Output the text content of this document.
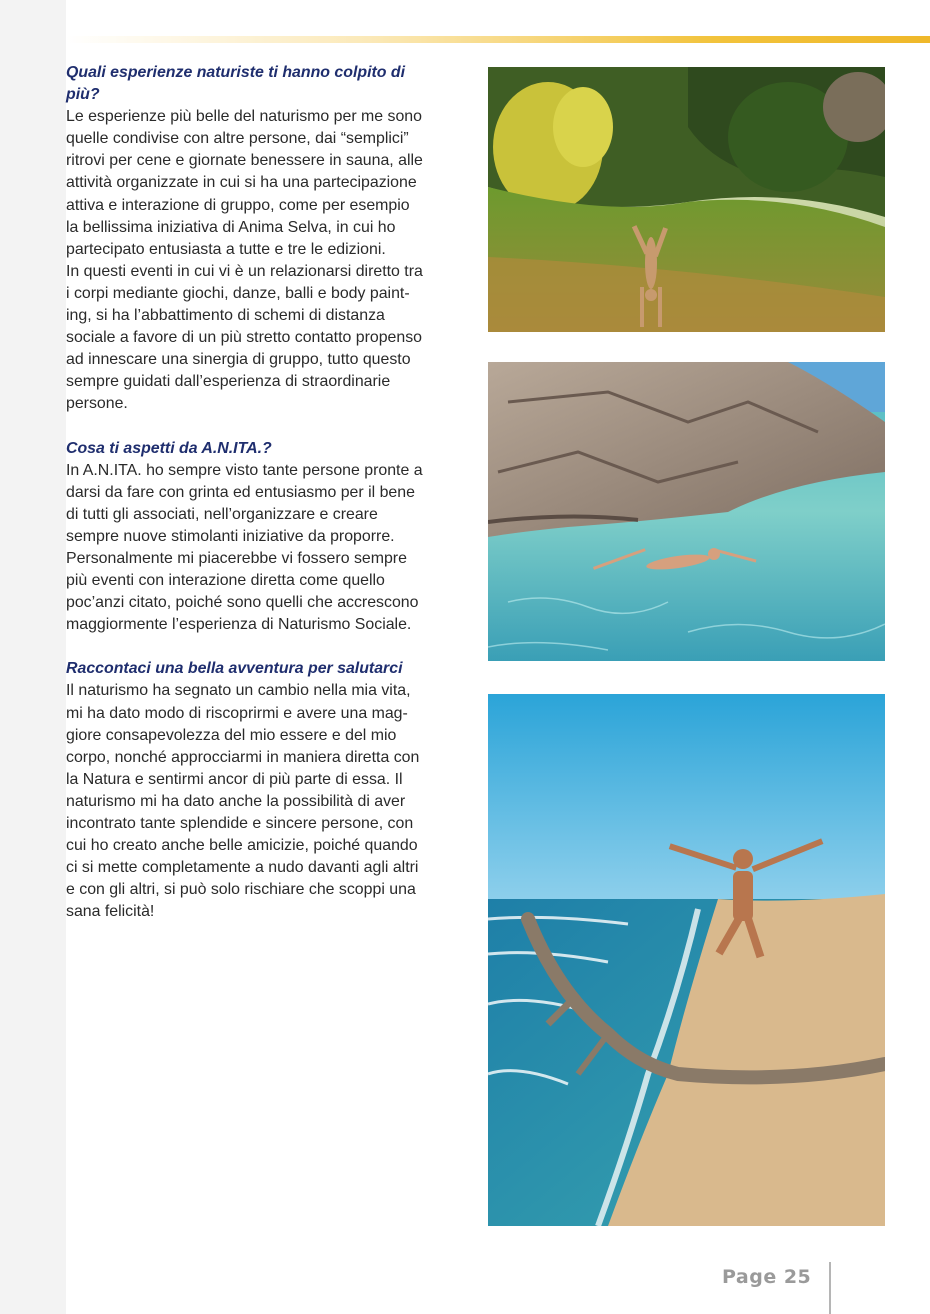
Quali esperienze naturiste ti hanno colpito di
più?
Le esperienze più belle del naturismo per me sono
quelle condivise con altre persone, dai “semplici”
ritrovi per cene e giornate benessere in sauna, alle
attività organizzate in cui si ha una partecipazione
attiva e interazione di gruppo, come per esempio
la bellissima iniziativa di Anima Selva, in cui ho
partecipato entusiasta a tutte e tre le edizioni.
In questi eventi in cui vi è un relazionarsi diretto tra
i corpi mediante giochi, danze, balli e body paint-
ing, si ha l’abbattimento di schemi di distanza
sociale a favore di un più stretto contatto propenso
ad innescare una sinergia di gruppo, tutto questo
sempre guidati dall’esperienza di straordinarie
persone.
Cosa ti aspetti da A.N.ITA.?
In A.N.ITA. ho sempre visto tante persone pronte a
darsi da fare con grinta ed entusiasmo per il bene
di tutti gli associati, nell’organizzare e creare
sempre nuove stimolanti iniziative da proporre.
Personalmente mi piacerebbe vi fossero sempre
più eventi con interazione diretta come quello
poc’anzi citato, poiché sono quelli che accrescono
maggiormente l’esperienza di Naturismo Sociale.
Raccontaci una bella avventura per salutarci
Il naturismo ha segnato un cambio nella mia vita,
mi ha dato modo di riscoprirmi e avere una mag-
giore consapevolezza del mio essere e del mio
corpo, nonché approcciarmi in maniera diretta con
la Natura e sentirmi ancor di più parte di essa. Il
naturismo mi ha dato anche la possibilità di aver
incontrato tante splendide e sincere persone, con
cui ho creato anche belle amicizie, poiché quando
ci si mette completamente a nudo davanti agli altri
e con gli altri, si può solo rischiare che scoppi una
sana felicità!
Page 25
